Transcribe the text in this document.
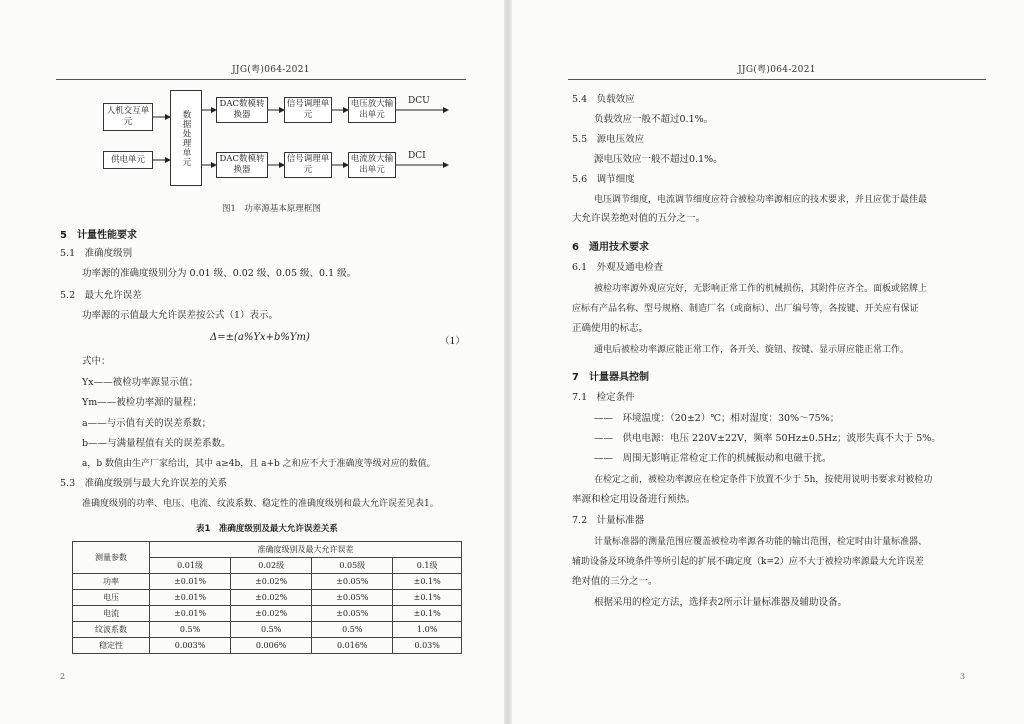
JJG(粤)064-2021
人机交互单元
供电单元	数据处理单元
DAC数模转换器
DAC数模转换器
信号调理单元
信号调理单元
电压放大输出单元
电流放大输出单元
DCU
DCI
图1　功率源基本原理框图
5　计量性能要求
5.1　准确度级别
功率源的准确度级别分为 0.01 级、0.02 级、0.05 级、0.1 级。
5.2　最大允许误差
功率源的示值最大允许误差按公式（1）表示。
Δ=±(a%Yx+b%Ym)	（1）
式中：
Yx——被检功率源显示值；
Ym——被检功率源的量程；
a——与示值有关的误差系数；
b——与满量程值有关的误差系数。
a，b 数值由生产厂家给出，其中 a≥4b，且 a+b 之和应不大于准确度等级对应的数值。
5.3　准确度级别与最大允许误差的关系
准确度级别的功率、电压、电流、纹波系数、稳定性的准确度级别和最大允许误差见表1。
表1　准确度级别及最大允许误差关系
测量参数	准确度级别及最大允许误差			
	0.01级	0.02级	0.05级	0.1级
功率	±0.01%	±0.02%	±0.05%	±0.1%
电压	±0.01%	±0.02%	±0.05%	±0.1%
电流	±0.01%	±0.02%	±0.05%	±0.1%
纹波系数	0.5%	0.5%	0.5%	1.0%
稳定性	0.003%	0.006%	0.016%	0.03%
2
JJG(粤)064-2021
5.4　负载效应
负载效应一般不超过0.1%。
5.5　源电压效应
源电压效应一般不超过0.1%。
5.6　调节细度
电压调节细度，电流调节细度应符合被检功率源相应的技术要求，并且应优于最佳最
大允许误差绝对值的五分之一。
6　通用技术要求
6.1　外观及通电检查
被检功率源外观应完好，无影响正常工作的机械损伤，其附件应齐全。面板或铭牌上
应标有产品名称、型号规格、制造厂名（或商标）、出厂编号等，各按键、开关应有保证
正确使用的标志。
通电后被检功率源应能正常工作，各开关、旋钮、按键、显示屏应能正常工作。
7　计量器具控制
7.1　检定条件
——　环境温度：（20±2）℃；相对湿度：30%～75%；
——　供电电源：电压 220V±22V，频率 50Hz±0.5Hz；波形失真不大于 5%。
——　周围无影响正常检定工作的机械振动和电磁干扰。
在检定之前，被检功率源应在检定条件下放置不少于 5h，按使用说明书要求对被检功
率源和检定用设备进行预热。
7.2　计量标准器
计量标准器的测量范围应覆盖被检功率源各功能的输出范围，检定时由计量标准器、
辅助设备及环境条件等所引起的扩展不确定度（k=2）应不大于被检功率源最大允许误差
绝对值的三分之一。
根据采用的检定方法，选择表2所示计量标准器及辅助设备。
3
